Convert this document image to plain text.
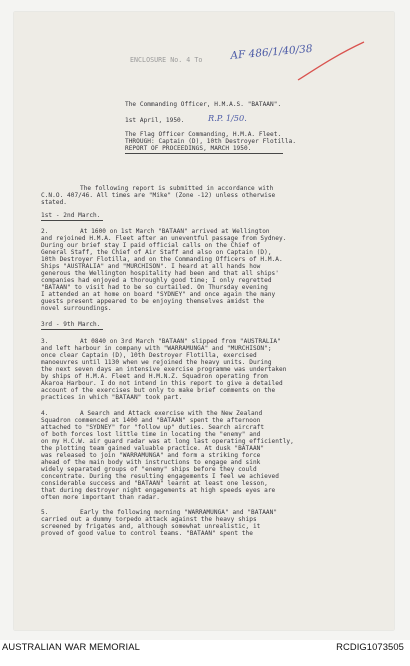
ENCLOSURE No. 4 To	AF 486/1/40/38
The Commanding Officer, H.M.A.S. "BATAAN".
1st April, 1950.	R.P. 1/50.
The Flag Officer Commanding, H.M.A. Fleet.
THROUGH: Captain (D), 10th Destroyer Flotilla.
REPORT OF PROCEEDINGS, MARCH 1950.
The following report is submitted in accordance with
C.N.O. 407/46. All times are "Mike" (Zone -12) unless otherwise
stated.
1st - 2nd March.
2.	At 1600 on 1st March "BATAAN" arrived at Wellington
and rejoined H.M.A. Fleet after an uneventful passage from Sydney.
During our brief stay I paid official calls on the Chief of
General Staff, the Chief of Air Staff and also on Captain (D),
10th Destroyer Flotilla, and on the Commanding Officers of H.M.A.
Ships "AUSTRALIA" and "MURCHISON". I heard at all hands how
generous the Wellington hospitality had been and that all ships'
companies had enjoyed a thoroughly good time; I only regretted
"BATAAN" to visit had to be so curtailed. On Thursday evening
I attended an at home on board "SYDNEY" and once again the many
guests present appeared to be enjoying themselves amidst the
novel surroundings.
3rd - 9th March.
3.	At 0840 on 3rd March "BATAAN" slipped from "AUSTRALIA"
and left harbour in company with "WARRAMUNGA" and "MURCHISON";
once clear Captain (D), 10th Destroyer Flotilla, exercised
manoeuvres until 1130 when we rejoined the heavy units. During
the next seven days an intensive exercise programme was undertaken
by ships of H.M.A. Fleet and H.M.N.Z. Squadron operating from
Akaroa Harbour. I do not intend in this report to give a detailed
account of the exercises but only to make brief comments on the
practices in which "BATAAN" took part.
4.	A Search and Attack exercise with the New Zealand
Squadron commenced at 1400 and "BATAAN" spent the afternoon
attached to "SYDNEY" for "follow up" duties. Search aircraft
of both forces lost little time in locating the "enemy" and
on my H.C.W. air guard radar was at long last operating efficiently,
the plotting team gained valuable practice. At dusk "BATAAN"
was released to join "WARRAMUNGA" and form a striking force
ahead of the main body with instructions to engage and sink
widely separated groups of "enemy" ships before they could
concentrate. During the resulting engagements I feel we achieved
considerable success and "BATAAN" learnt at least one lesson,
that during destroyer night engagements at high speeds eyes are
often more important than radar.
5.	Early the following morning "WARRAMUNGA" and "BATAAN"
carried out a dummy torpedo attack against the heavy ships
screened by frigates and, although somewhat unrealistic, it
proved of good value to control teams. "BATAAN" spent the
AUSTRALIAN WAR MEMORIAL	RCDIG1073505
